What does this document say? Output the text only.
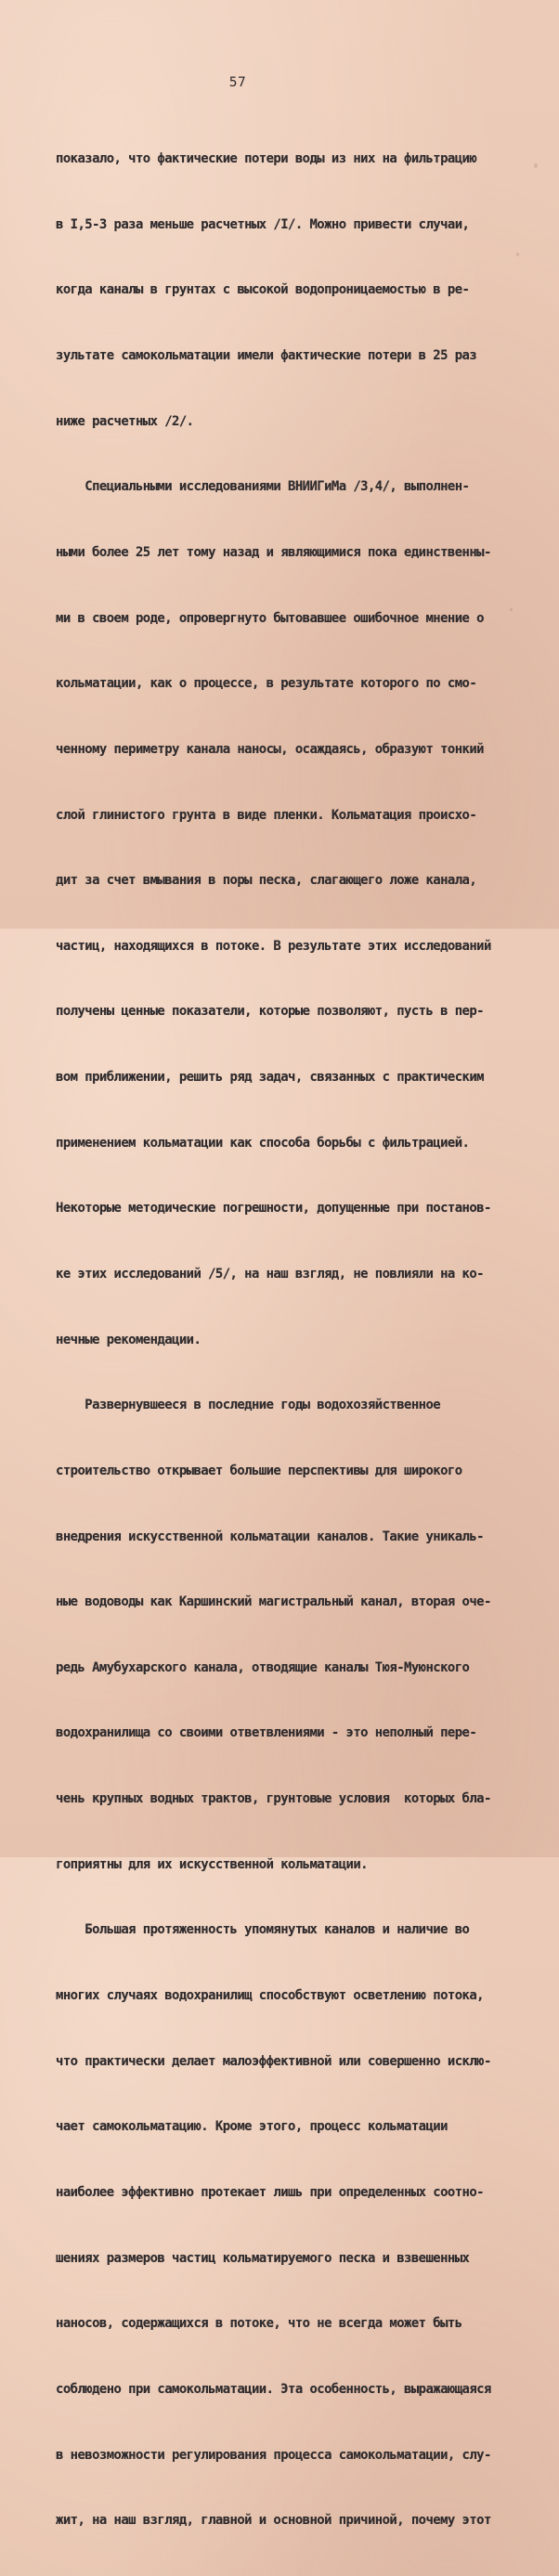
57

показало, что фактические потери воды из них на фильтрацию

в I,5-3 раза меньше расчетных /I/. Можно привести случаи,

когда каналы в грунтах с высокой водопроницаемостью в ре-

зультате самокольматации имели фактические потери в 25 раз

ниже расчетных /2/.

Специальными исследованиями ВНИИГиМа /3,4/, выполнен-

ными более 25 лет тому назад и являющимися пока единственны-

ми в своем роде, опровергнуто бытовавшее ошибочное мнение о

кольматации, как о процессе, в результате которого по смо-

ченному периметру канала наносы, осаждаясь, образуют тонкий

слой глинистого грунта в виде пленки. Кольматация происхо-

дит за счет вмывания в поры песка, слагающего ложе канала,

частиц, находящихся в потоке. В результате этих исследований

получены ценные показатели, которые позволяют, пусть в пер-

вом приближении, решить ряд задач, связанных с практическим

применением кольматации как способа борьбы с фильтрацией.

Некоторые методические погрешности, допущенные при постанов-

ке этих исследований /5/, на наш взгляд, не повлияли на ко-

нечные рекомендации.

Развернувшееся в последние годы водохозяйственное

строительство открывает большие перспективы для широкого

внедрения искусственной кольматации каналов. Такие уникаль-

ные водоводы как Каршинский магистральный канал, вторая оче-

редь Амубухарского канала, отводящие каналы Тюя-Муюнского

водохранилища со своими ответвлениями - это неполный пере-

чень крупных водных трактов, грунтовые условия  которых бла-

гоприятны для их искусственной кольматации.

Большая протяженность упомянутых каналов и наличие во

многих случаях водохранилищ способствуют осветлению потока,

что практически делает малоэффективной или совершенно исклю-

чает самокольматацию. Кроме этого, процесс кольматации

наиболее эффективно протекает лишь при определенных соотно-

шениях размеров частиц кольматируемого песка и взвешенных

наносов, содержащихся в потоке, что не всегда может быть

соблюдено при самокольматации. Эта особенность, выражающаяся

в невозможности регулирования процесса самокольматации, слу-

жит, на наш взгляд, главной и основной причиной, почему этот
